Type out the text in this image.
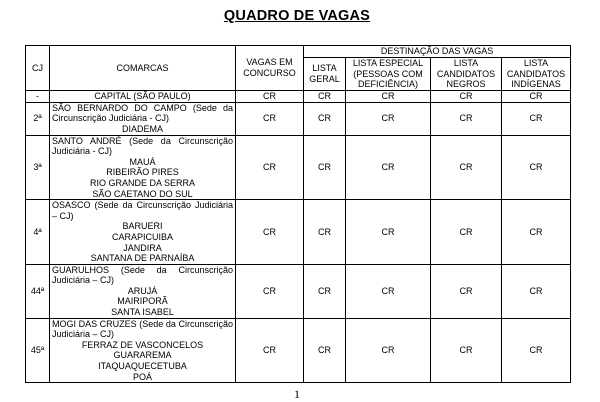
QUADRO DE VAGAS
CJ	COMARCAS	VAGAS EM CONCURSO	DESTINAÇÃO DAS VAGAS			
			LISTA GERAL	LISTA ESPECIAL (PESSOAS COM DEFICIÊNCIA)	LISTA CANDIDATOS NEGROS	LISTA CANDIDATOS INDÍGENAS
-	CAPITAL (SÃO PAULO)	CR	CR	CR	CR	CR
2ª	SÃO BERNARDO DO CAMPO (Sede da Circunscrição Judiciária - CJ)
DIADEMA	CR	CR	CR	CR	CR
3ª	SANTO ANDRÉ (Sede da Circunscrição Judiciária - CJ)
MAUÁ
RIBEIRÃO PIRES
RIO GRANDE DA SERRA
SÃO CAETANO DO SUL	CR	CR	CR	CR	CR
4ª	OSASCO (Sede da Circunscrição Judiciária – CJ)
BARUERI
CARAPICUIBA
JANDIRA
SANTANA DE PARNAÍBA	CR	CR	CR	CR	CR
44ª	GUARULHOS (Sede da Circunscrição Judiciária – CJ)
ARUJÁ
MAIRIPORÃ
SANTA ISABEL	CR	CR	CR	CR	CR
45ª	MOGI DAS CRUZES (Sede da Circunscrição Judiciária – CJ)
FERRAZ DE VASCONCELOS
GUARAREMA
ITAQUAQUECETUBA
POÁ	CR	CR	CR	CR	CR
1
